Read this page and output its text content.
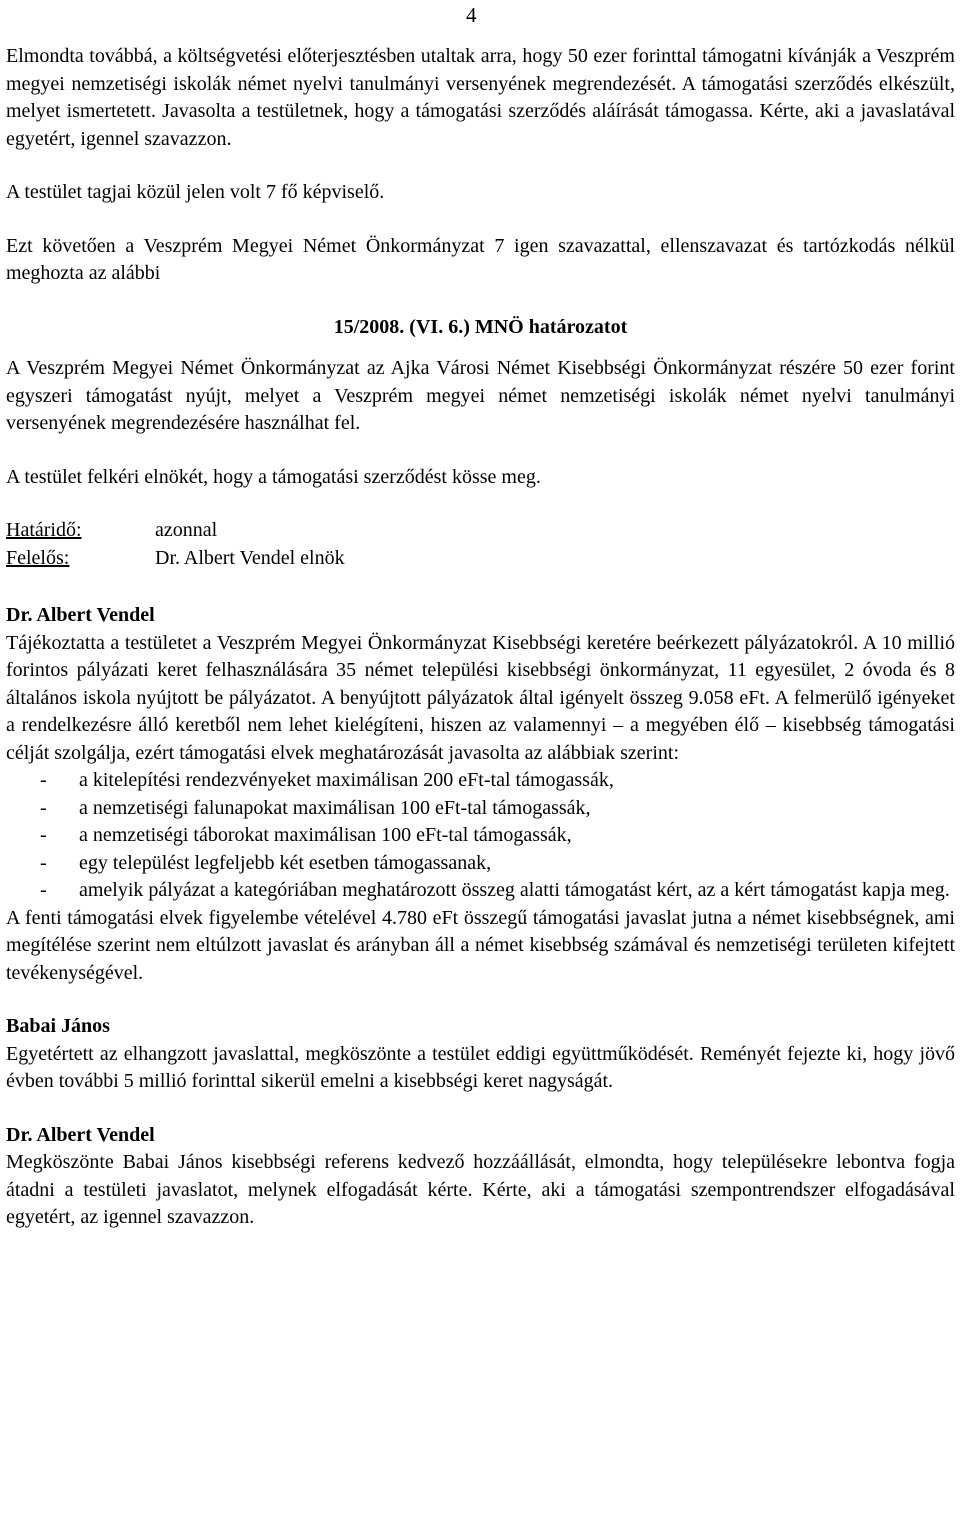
4

Elmondta továbbá, a költségvetési előterjesztésben utaltak arra, hogy 50 ezer forinttal támogatni kívánják a Veszprém megyei nemzetiségi iskolák német nyelvi tanulmányi versenyének megrendezését. A támogatási szerződés elkészült, melyet ismertetett. Javasolta a testületnek, hogy a támogatási szerződés aláírását támogassa. Kérte, aki a javaslatával egyetért, igennel szavazzon.

A testület tagjai közül jelen volt 7 fő képviselő.

Ezt követően a Veszprém Megyei Német Önkormányzat 7 igen szavazattal, ellenszavazat és tartózkodás nélkül meghozta az alábbi

15/2008. (VI. 6.) MNÖ határozatot

A Veszprém Megyei Német Önkormányzat az Ajka Városi Német Kisebbségi Önkormányzat részére 50 ezer forint egyszeri támogatást nyújt, melyet a Veszprém megyei német nemzetiségi iskolák német nyelvi tanulmányi versenyének megrendezésére használhat fel.

A testület felkéri elnökét, hogy a támogatási szerződést kösse meg.

Határidő:	azonnal
Felelős:	Dr. Albert Vendel elnök

Dr. Albert Vendel

Tájékoztatta a testületet a Veszprém Megyei Önkormányzat Kisebbségi keretére beérkezett pályázatokról. A 10 millió forintos pályázati keret felhasználására 35 német települési kisebbségi önkormányzat, 11 egyesület, 2 óvoda és 8 általános iskola nyújtott be pályázatot. A benyújtott pályázatok által igényelt összeg 9.058 eFt. A felmerülő igényeket a rendelkezésre álló keretből nem lehet kielégíteni, hiszen az valamennyi – a megyében élő – kisebbség támogatási célját szolgálja, ezért támogatási elvek meghatározását javasolta az alábbiak szerint:

- a kitelepítési rendezvényeket maximálisan 200 eFt-tal támogassák,
- a nemzetiségi falunapokat maximálisan 100 eFt-tal támogassák,
- a nemzetiségi táborokat maximálisan 100 eFt-tal támogassák,
- egy települést legfeljebb két esetben támogassanak,
- amelyik pályázat a kategóriában meghatározott összeg alatti támogatást kért, az a kért támogatást kapja meg.

A fenti támogatási elvek figyelembe vételével 4.780 eFt összegű támogatási javaslat jutna a német kisebbségnek, ami megítélése szerint nem eltúlzott javaslat és arányban áll a német kisebbség számával és nemzetiségi területen kifejtett tevékenységével.

Babai János

Egyetértett az elhangzott javaslattal, megköszönte a testület eddigi együttműködését. Reményét fejezte ki, hogy jövő évben további 5 millió forinttal sikerül emelni a kisebbségi keret nagyságát.

Dr. Albert Vendel

Megköszönte Babai János kisebbségi referens kedvező hozzáállását, elmondta, hogy településekre lebontva fogja átadni a testületi javaslatot, melynek elfogadását kérte. Kérte, aki a támogatási szempontrendszer elfogadásával egyetért, az igennel szavazzon.
